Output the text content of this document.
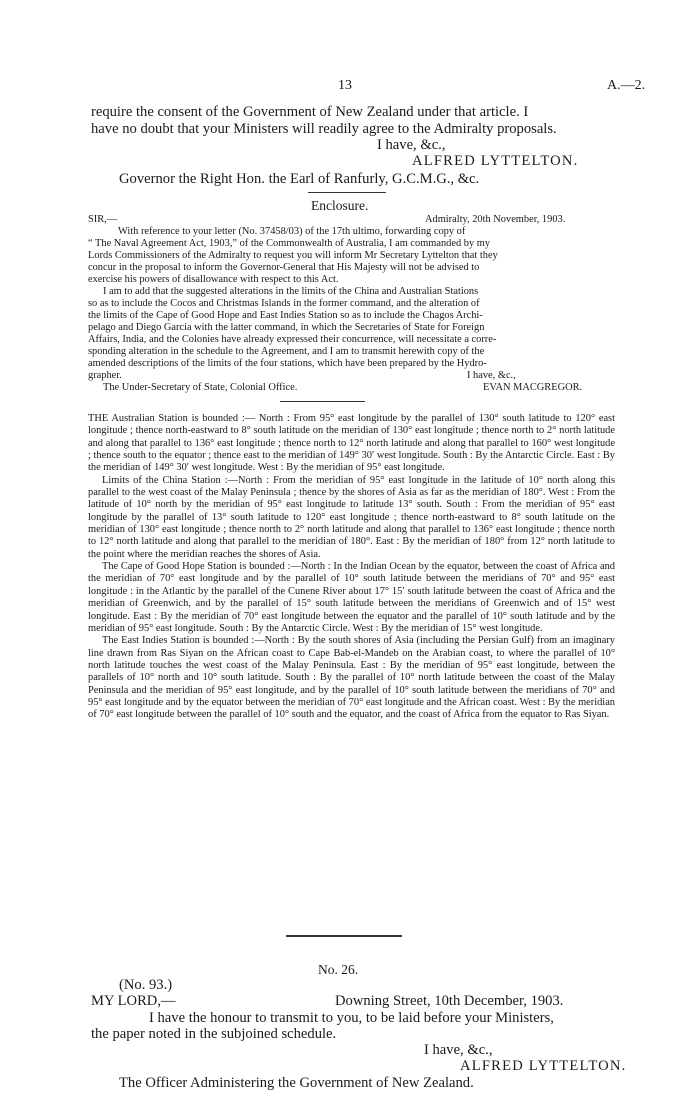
13	A.—2.
require the consent of the Government of New Zealand under that article. I
have no doubt that your Ministers will readily agree to the Admiralty proposals.
I have, &c.,
ALFRED LYTTELTON.
Governor the Right Hon. the Earl of Ranfurly, G.C.M.G., &c.
Enclosure.
SIR,—	Admiralty, 20th November, 1903.
With reference to your letter (No. 37458/03) of the 17th ultimo, forwarding copy of
“ The Naval Agreement Act, 1903,” of the Commonwealth of Australia, I am commanded by my
Lords Commissioners of the Admiralty to request you will inform Mr Secretary Lyttelton that they
concur in the proposal to inform the Governor-General that His Majesty will not be advised to
exercise his powers of disallowance with respect to this Act.
I am to add that the suggested alterations in the limits of the China and Australian Stations
so as to include the Cocos and Christmas Islands in the former command, and the alteration of
the limits of the Cape of Good Hope and East Indies Station so as to include the Chagos Archi-
pelago and Diego Garcia with the latter command, in which the Secretaries of State for Foreign
Affairs, India, and the Colonies have already expressed their concurrence, will necessitate a corre-
sponding alteration in the schedule to the Agreement, and I am to transmit herewith copy of the
amended descriptions of the limits of the four stations, which have been prepared by the Hydro-
grapher.	I have, &c.,
The Under-Secretary of State, Colonial Office.	EVAN MACGREGOR.

THE Australian Station is bounded :— North : From 95° east longitude by the parallel of 130° south latitude to 120° east longitude ; thence north-eastward to 8° south latitude on the meridian of 130° east longitude ; thence north to 2° north latitude and along that parallel to 136° east longitude ; thence north to 12° north latitude and along that parallel to 160° west longitude ; thence south to the equator ; thence east to the meridian of 149° 30′ west longitude. South : By the Antarctic Circle. East : By the meridian of 149° 30′ west longitude. West : By the meridian of 95° east longitude.

Limits of the China Station :—North : From the meridian of 95° east longitude in the latitude of 10° north along this parallel to the west coast of the Malay Peninsula ; thence by the shores of Asia as far as the meridian of 180°. West : From the latitude of 10° north by the meridian of 95° east longitude to latitude 13° south. South : From the meridian of 95° east longitude by the parallel of 13° south latitude to 120° east longitude ; thence north-eastward to 8° south latitude on the meridian of 130° east longitude ; thence north to 2° north latitude and along that parallel to 136° east longitude ; thence north to 12° north latitude and along that parallel to the meridian of 180°. East : By the meridian of 180° from 12° north latitude to the point where the meridian reaches the shores of Asia.

The Cape of Good Hope Station is bounded :—North : In the Indian Ocean by the equator, between the coast of Africa and the meridian of 70° east longitude and by the parallel of 10° south latitude between the meridians of 70° and 95° east longitude : in the Atlantic by the parallel of the Cunene River about 17° 15′ south latitude between the coast of Africa and the meridian of Greenwich, and by the parallel of 15° south latitude between the meridians of Greenwich and of 15° west longitude. East : By the meridian of 70° east longitude between the equator and the parallel of 10° south latitude and by the meridian of 95° east longitude. South : By the Antarctic Circle. West : By the meridian of 15° west longitude.

The East Indies Station is bounded :—North : By the south shores of Asia (including the Persian Gulf) from an imaginary line drawn from Ras Siyan on the African coast to Cape Bab-el-Mandeb on the Arabian coast, to where the parallel of 10° north latitude touches the west coast of the Malay Peninsula. East : By the meridian of 95° east longitude, between the parallels of 10° north and 10° south latitude. South : By the parallel of 10° north latitude between the coast of the Malay Peninsula and the meridian of 95° east longitude, and by the parallel of 10° south latitude between the meridians of 70° and 95° east longitude and by the equator between the meridian of 70° east longitude and the African coast. West : By the meridian of 70° east longitude between the parallel of 10° south and the equator, and the coast of Africa from the equator to Ras Siyan.

No. 26.
(No. 93.)
MY LORD,—	Downing Street, 10th December, 1903.
I have the honour to transmit to you, to be laid before your Ministers,
the paper noted in the subjoined schedule.
I have, &c.,
ALFRED LYTTELTON.
The Officer Administering the Government of New Zealand.
